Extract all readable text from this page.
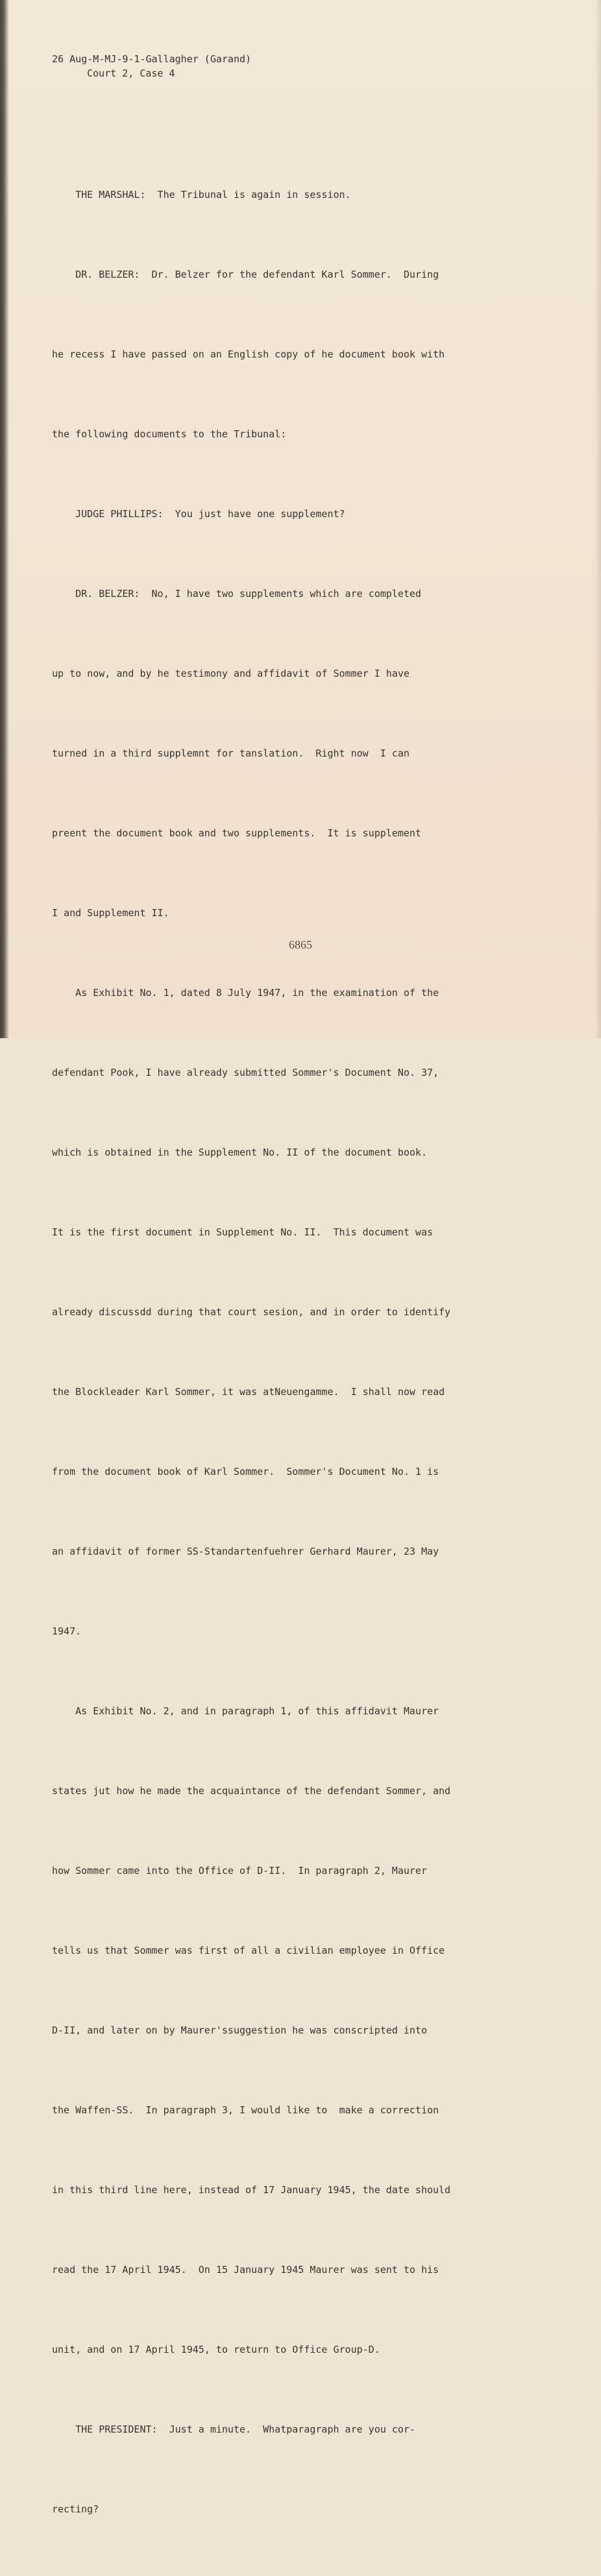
26 Aug-M-MJ-9-1-Gallagher (Garand)
Court 2, Case 4

THE MARSHAL:  The Tribunal is again in session.

DR. BELZER:  Dr. Belzer for the defendant Karl Sommer.  During

he recess I have passed on an English copy of he document book with

the following documents to the Tribunal:

JUDGE PHILLIPS:  You just have one supplement?

DR. BELZER:  No, I have two supplements which are completed

up to now, and by he testimony and affidavit of Sommer I have

turned in a third supplemnt for tanslation.  Right now  I can

preent the document book and two supplements.  It is supplement

I and Supplement II.

As Exhibit No. 1, dated 8 July 1947, in the examination of the

defendant Pook, I have already submitted Sommer's Document No. 37,

which is obtained in the Supplement No. II of the document book.

It is the first document in Supplement No. II.  This document was

already discussdd during that court sesion, and in order to identify

the Blockleader Karl Sommer, it was atNeuengamme.  I shall now read

from the document book of Karl Sommer.  Sommer's Document No. 1 is

an affidavit of former SS-Standartenfuehrer Gerhard Maurer, 23 May

1947.

As Exhibit No. 2, and in paragraph 1, of this affidavit Maurer

states jut how he made the acquaintance of the defendant Sommer, and

how Sommer came into the Office of D-II.  In paragraph 2, Maurer

tells us that Sommer was first of all a civilian employee in Office

D-II, and later on by Maurer'ssuggestion he was conscripted into

the Waffen-SS.  In paragraph 3, I would like to  make a correction

in this third line here, instead of 17 January 1945, the date should

read the 17 April 1945.  On 15 January 1945 Maurer was sent to his

unit, and on 17 April 1945, to return to Office Group-D.

THE PRESIDENT:  Just a minute.  Whatparagraph are you cor-

recting?

6865
